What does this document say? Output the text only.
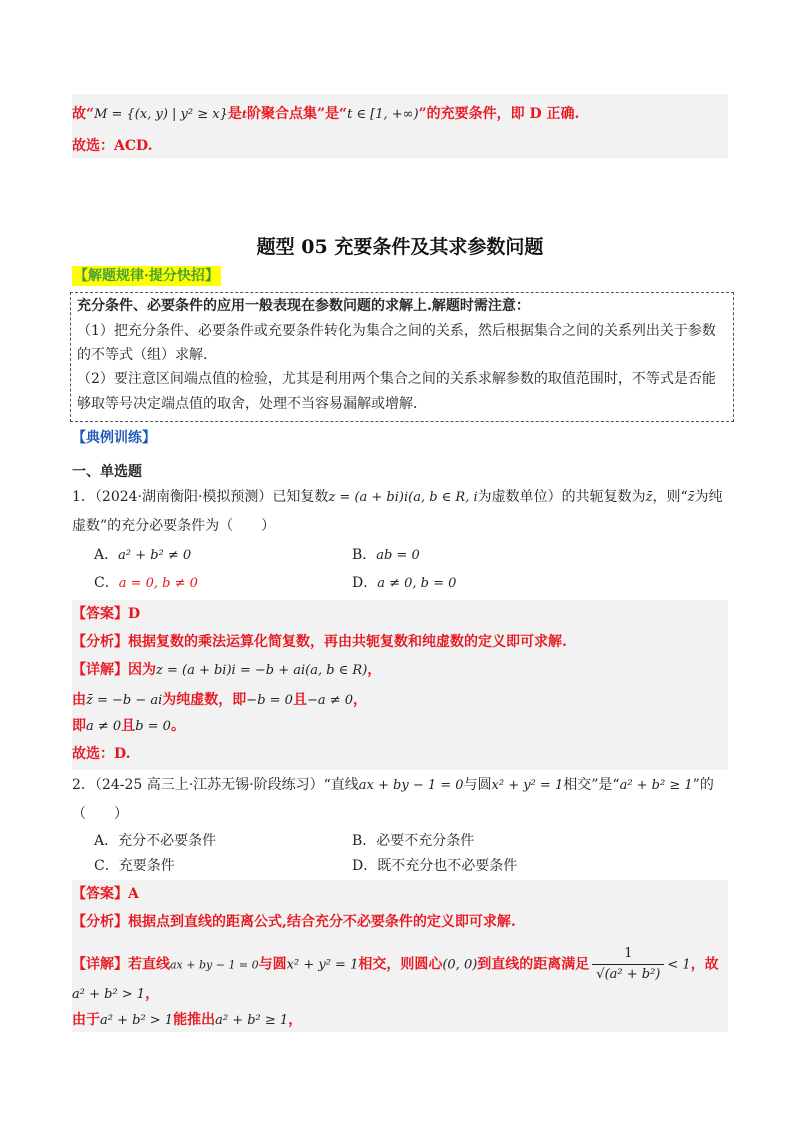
故“M = {(x, y) | y² ≥ x}是t阶聚合点集”是“t ∈ [1, +∞)”的充要条件，即 D 正确.
故选：ACD.
题型 05 充要条件及其求参数问题
【解题规律·提分快招】
充分条件、必要条件的应用一般表现在参数问题的求解上.解题时需注意：
（1）把充分条件、必要条件或充要条件转化为集合之间的关系，然后根据集合之间的关系列出关于参数
的不等式（组）求解.
（2）要注意区间端点值的检验，尤其是利用两个集合之间的关系求解参数的取值范围时，不等式是否能
够取等号决定端点值的取舍，处理不当容易漏解或增解.
【典例训练】
一、单选题
1．（2024·湖南衡阳·模拟预测）已知复数z = (a + bi)i(a, b ∈ R, i为虚数单位）的共轭复数为z̄，则“z̄为纯
虚数”的充分必要条件为（　　）
A．a² + b² ≠ 0	B．ab = 0
C．a = 0, b ≠ 0	D．a ≠ 0, b = 0
【答案】D
【分析】根据复数的乘法运算化简复数，再由共轭复数和纯虚数的定义即可求解.
【详解】因为z = (a + bi)i = −b + ai(a, b ∈ R)，
由z̄ = −b − ai为纯虚数，即−b = 0且−a ≠ 0，
即a ≠ 0且b = 0。
故选：D.
2．（24-25 高三上·江苏无锡·阶段练习）“直线ax + by − 1 = 0与圆x² + y² = 1相交”是“a² + b² ≥ 1”的
（　　）
A．充分不必要条件	B．必要不充分条件
C．充要条件	D．既不充分也不必要条件
【答案】A
【分析】根据点到直线的距离公式,结合充分不必要条件的定义即可求解.
【详解】若直线ax + by − 1 = 0与圆x² + y² = 1相交，则圆心(0, 0)到直线的距离满足 $\frac{1}{\text{√(a² + b²)}} < 1$，故
a² + b² > 1，
由于a² + b² > 1能推出a² + b² ≥ 1，
